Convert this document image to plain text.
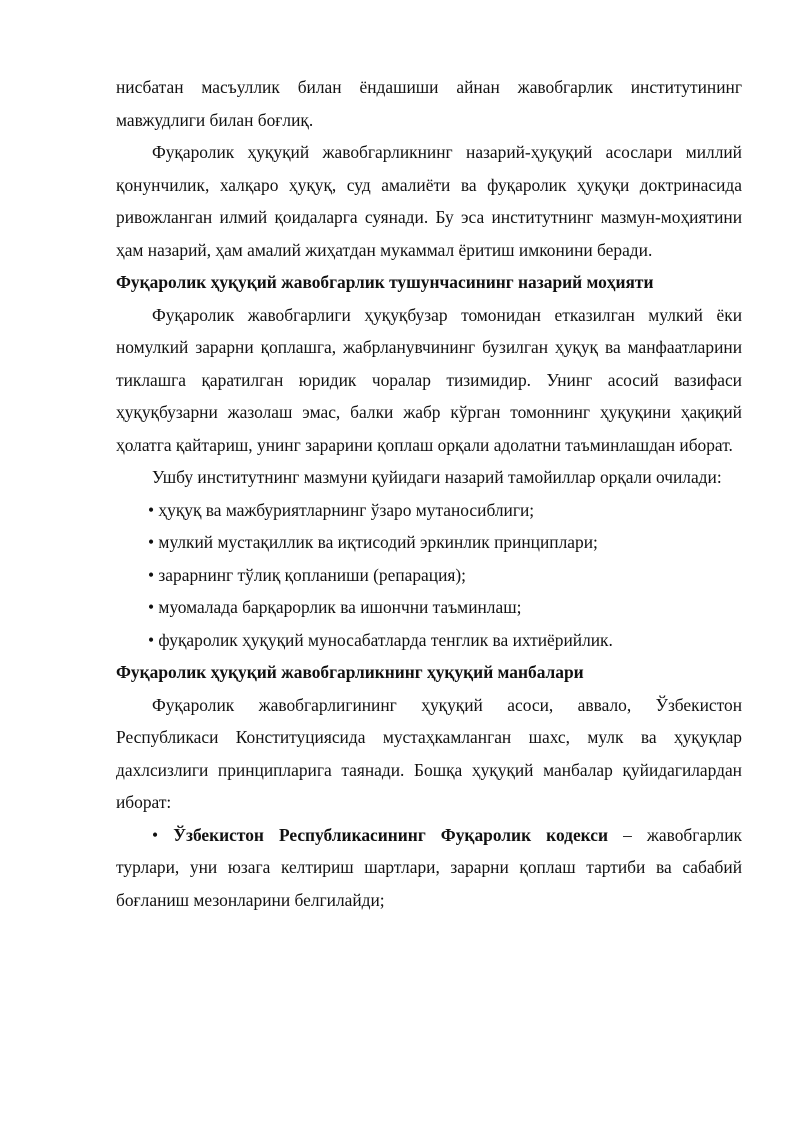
нисбатан масъуллик билан ёндашиши айнан жавобгарлик институтининг мавжудлиги билан боғлиқ.

Фуқаролик ҳуқуқий жавобгарликнинг назарий-ҳуқуқий асослари миллий қонунчилик, халқаро ҳуқуқ, суд амалиёти ва фуқаролик ҳуқуқи доктринасида ривожланган илмий қоидаларга суянади. Бу эса институтнинг мазмун-моҳиятини ҳам назарий, ҳам амалий жиҳатдан мукаммал ёритиш имконини беради.

Фуқаролик ҳуқуқий жавобгарлик тушунчасининг назарий моҳияти

Фуқаролик жавобгарлиги ҳуқуқбузар томонидан етказилган мулкий ёки номулкий зарарни қоплашга, жабрланувчининг бузилган ҳуқуқ ва манфаатларини тиклашга қаратилган юридик чоралар тизимидир. Унинг асосий вазифаси ҳуқуқбузарни жазолаш эмас, балки жабр кўрган томоннинг ҳуқуқини ҳақиқий ҳолатга қайтариш, унинг зарарини қоплаш орқали адолатни таъминлашдан иборат.

Ушбу институтнинг мазмуни қуйидаги назарий тамойиллар орқали очилади:

• ҳуқуқ ва мажбуриятларнинг ўзаро мутаносиблиги;

• мулкий мустақиллик ва иқтисодий эркинлик принциплари;

• зарарнинг тўлиқ қопланиши (репарация);

• муомалада барқарорлик ва ишончни таъминлаш;

• фуқаролик ҳуқуқий муносабатларда тенглик ва ихтиёрийлик.

Фуқаролик ҳуқуқий жавобгарликнинг ҳуқуқий манбалари

Фуқаролик жавобгарлигининг ҳуқуқий асоси, аввало, Ўзбекистон Республикаси Конституциясида мустаҳкамланган шахс, мулк ва ҳуқуқлар дахлсизлиги принципларига таянади. Бошқа ҳуқуқий манбалар қуйидагилардан иборат:

• Ўзбекистон Республикасининг Фуқаролик кодекси – жавобгарлик турлари, уни юзага келтириш шартлари, зарарни қоплаш тартиби ва сабабий боғланиш мезонларини белгилайди;
